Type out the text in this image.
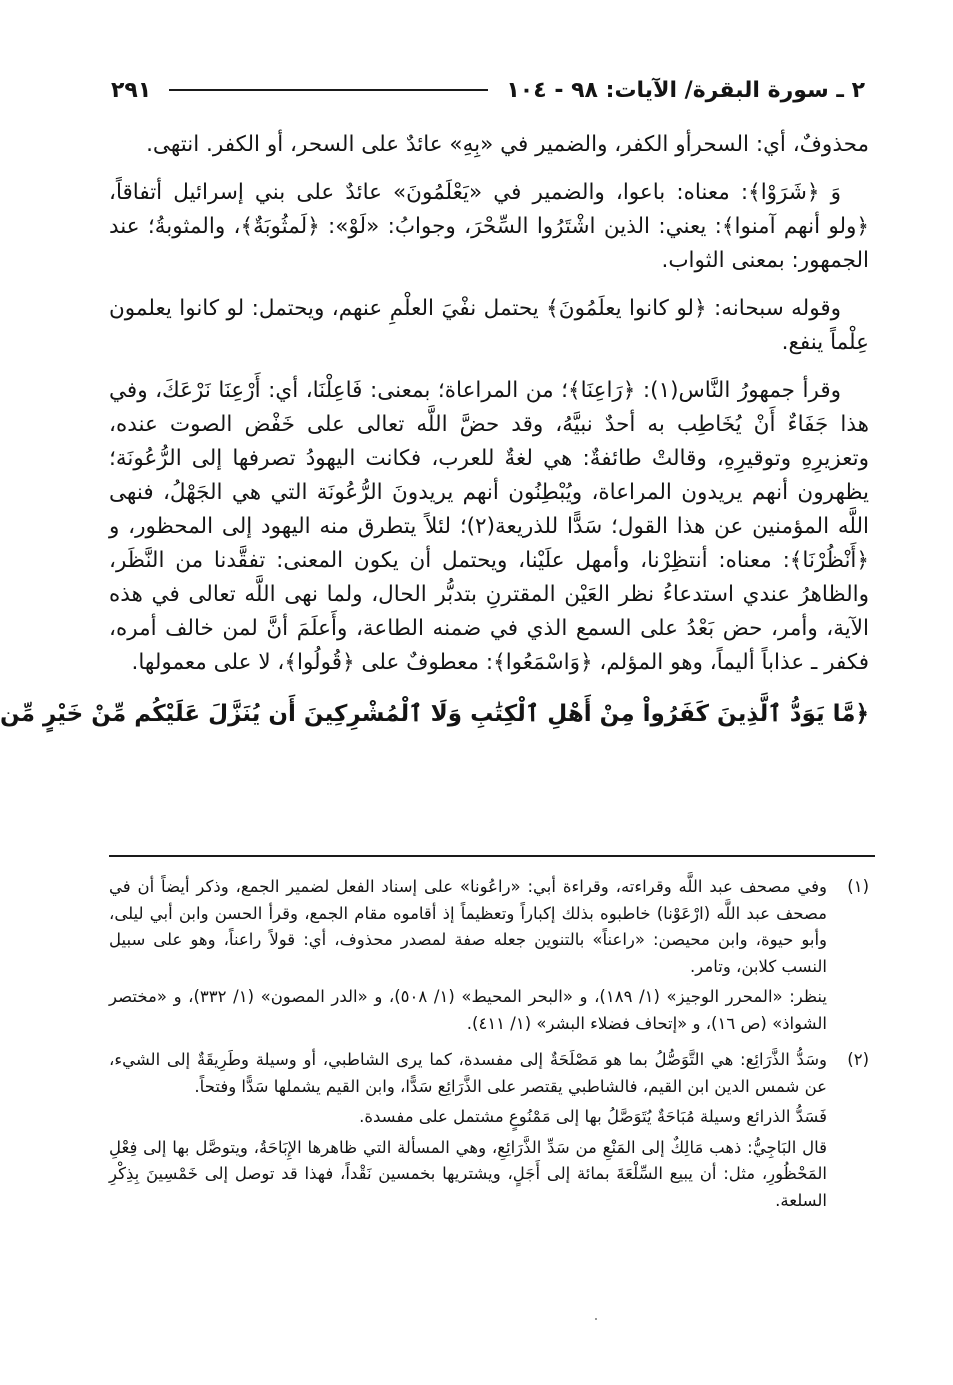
٢ ـ سورة البقرة/ الآيات: ٩٨ - ١٠٤
٢٩١

محذوفٌ، أي: السحرأو الكفر، والضمير في «بِهِ» عائدٌ على السحر، أو الكفر. انتهى.

وَ ﴿شَرَوْا﴾: معناه: باعوا، والضمير في «يَعْلَمُونَ» عائدٌ على بني إسرائيل أتفاقاً، ﴿ولو أنهم آمنوا﴾: يعني: الذين اشْتَرُوا السِّحْرَ، وجوابُ: «لَوْ»: ﴿لَمثُوبَةٌ﴾، والمثوبةُ؛ عند الجمهور: بمعنى الثواب.

وقوله سبحانه: ﴿لو كانوا يعلَمُونَ﴾ يحتمل نفْيَ العلْمِ عنهم، ويحتمل: لو كانوا يعلمون عِلْماً ينفع.

وقرأ جمهورُ النَّاس(١): ﴿رَاعِنَا﴾؛ من المراعاة؛ بمعنى: فَاعِلْنَا، أي: أَرْعِنَا نَرْعَكَ، وفي هذا جَفَاءٌ أَنْ يُخَاطِب به أحدٌ نبيَّهُ، وقد حضَّ اللَّه تعالى على خَفْض الصوت عنده، وتعزيرِهِ وتوقيرِهِ، وقالتْ طائفةٌ: هي لغةٌ للعرب، فكانت اليهودُ تصرفها إلى الرُّعُونَة؛ يظهرون أنهم يريدون المراعاة، ويُبْطِنُون أنهم يريدونَ الرُّعُونَة التي هي الجَهْلُ، فنهى اللَّه المؤمنين عن هذا القول؛ سَدًّا للذريعة(٢)؛ لئلاً يتطرق منه اليهود إلى المحظور، و ﴿أَنْظُرْنَا﴾: معناه: أنتظِرْنا، وأمهل علَيْنا، ويحتمل أن يكون المعنى: تفقَّدنا من النَّظَر، والظاهرُ عندي استدعاءُ نظر العَيْن المقترنِ بتدبُّر الحال، ولما نهى اللَّه تعالى في هذه الآية، وأمر، حض بَعْدُ على السمع الذي في ضمنه الطاعة، وأَعلَمَ أنَّ لمن خالف أمره، فكفر ـ عذاباً أليماً، وهو المؤلم، ﴿وَاسْمَعُوا﴾: معطوفٌ على ﴿قُولُوا﴾، لا على معمولها.

﴿مَّا يَوَدُّ ٱلَّذِينَ كَفَرُواْ مِنْ أَهْلِ ٱلْكِتَٰبِ وَلَا ٱلْمُشْرِكِينَ أَن يُنَزَّلَ عَلَيْكُم مِّنْ خَيْرٍ مِّن

(١)

وفي مصحف عبد اللَّه وقراءته، وقراءة أبي: «راعُونا» على إسناد الفعل لضمير الجمع، وذكر أيضاً أن في مصحف عبد اللَّه (ارْعَوْنا) خاطبوه بذلك إكباراً وتعظيماً إذ أقاموه مقام الجمع، وقرأ الحسن وابن أبي ليلى، وأبو حيوة، وابن محيصن: «راعناً» بالتنوين جعله صفة لمصدر محذوف، أي: قولاً راعناً، وهو على سبيل النسب كلابن، وتامر.

ينظر: «المحرر الوجيز» (١/ ١٨٩)، و «البحر المحيط» (١/ ٥٠٨)، و «الدر المصون» (١/ ٣٣٢)، و «مختصر الشواذ» (ص ١٦)، و «إتحاف فضلاء البشر» (١/ ٤١١).

(٢)

وسَدُّ الذَّرَائِع: هي التَّوَصُّلُ بما هو مَصْلَحَةٌ إلى مفسدة، كما يرى الشاطبي، أو وسيلة وطَرِيقَةٌ إلى الشيء، عن شمس الدين ابن القيم، فالشاطبي يقتصر على الذَّرَائِع سَدًّا، وابن القيم يشملها سَدًّا وفتحاً.

فَسَدُّ الذرائع وسيلة مُبَاحَةٌ يُتَوَصَّلُ بها إلى مَمْنُوعٍ مشتمل على مفسدة.

قال البَاجِيُّ: ذهب مَالِكٌ إلى المَنْعِ من سَدِّ الذَّرَائِعِ، وهي المسألة التي ظاهرها الإِبَاحَةُ، ويتوصَّل بها إلى فِعْلِ المَحْظُورِ، مثل: أن يبيع السِّلْعَةَ بمائة إلى أَجَلٍ، ويشتريها بخمسين نَقْداً، فهذا قد توصل إلى خَمْسِينَ بِذِكْرِ السلعة.
